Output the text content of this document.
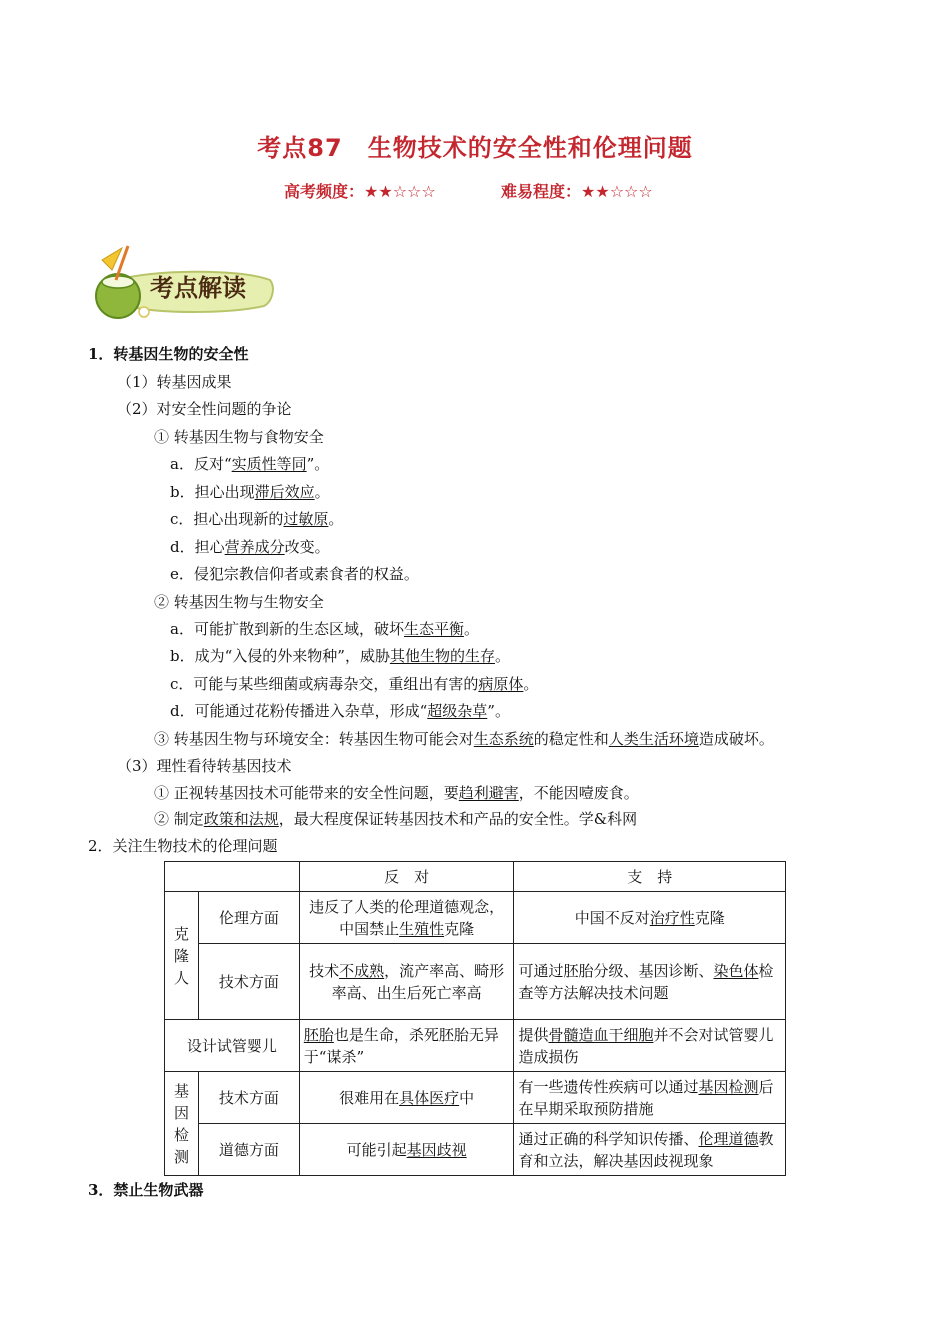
考点87　生物技术的安全性和伦理问题
高考频度：★★☆☆☆	难易程度：★★☆☆☆
考点解读
1．转基因生物的安全性
（1）转基因成果
（2）对安全性问题的争论
① 转基因生物与食物安全
a．反对“实质性等同”。
b．担心出现滞后效应。
c．担心出现新的过敏原。
d．担心营养成分改变。
e．侵犯宗教信仰者或素食者的权益。
② 转基因生物与生物安全
a．可能扩散到新的生态区域，破坏生态平衡。
b．成为“入侵的外来物种”，威胁其他生物的生存。
c．可能与某些细菌或病毒杂交，重组出有害的病原体。
d．可能通过花粉传播进入杂草，形成“超级杂草”。
③ 转基因生物与环境安全：转基因生物可能会对生态系统的稳定性和人类生活环境造成破坏。
（3）理性看待转基因技术
① 正视转基因技术可能带来的安全性问题，要趋利避害，不能因噎废食。
② 制定政策和法规，最大程度保证转基因技术和产品的安全性。学&科网
2．关注生物技术的伦理问题
		反　对	支　持

克
隆
人	伦理方面	违反了人类的伦理道德观念，中国禁止生殖性克隆	中国不反对治疗性克隆
	技术方面	技术不成熟，流产率高、畸形率高、出生后死亡率高	可通过胚胎分级、基因诊断、染色体检查等方法解决技术问题
设计试管婴儿		胚胎也是生命，杀死胚胎无异于“谋杀”	提供骨髓造血干细胞并不会对试管婴儿造成损伤

基
因
检
测	技术方面	很难用在具体医疗中	有一些遗传性疾病可以通过基因检测后在早期采取预防措施
	道德方面	可能引起基因歧视	通过正确的科学知识传播、伦理道德教育和立法，解决基因歧视现象
3．禁止生物武器
